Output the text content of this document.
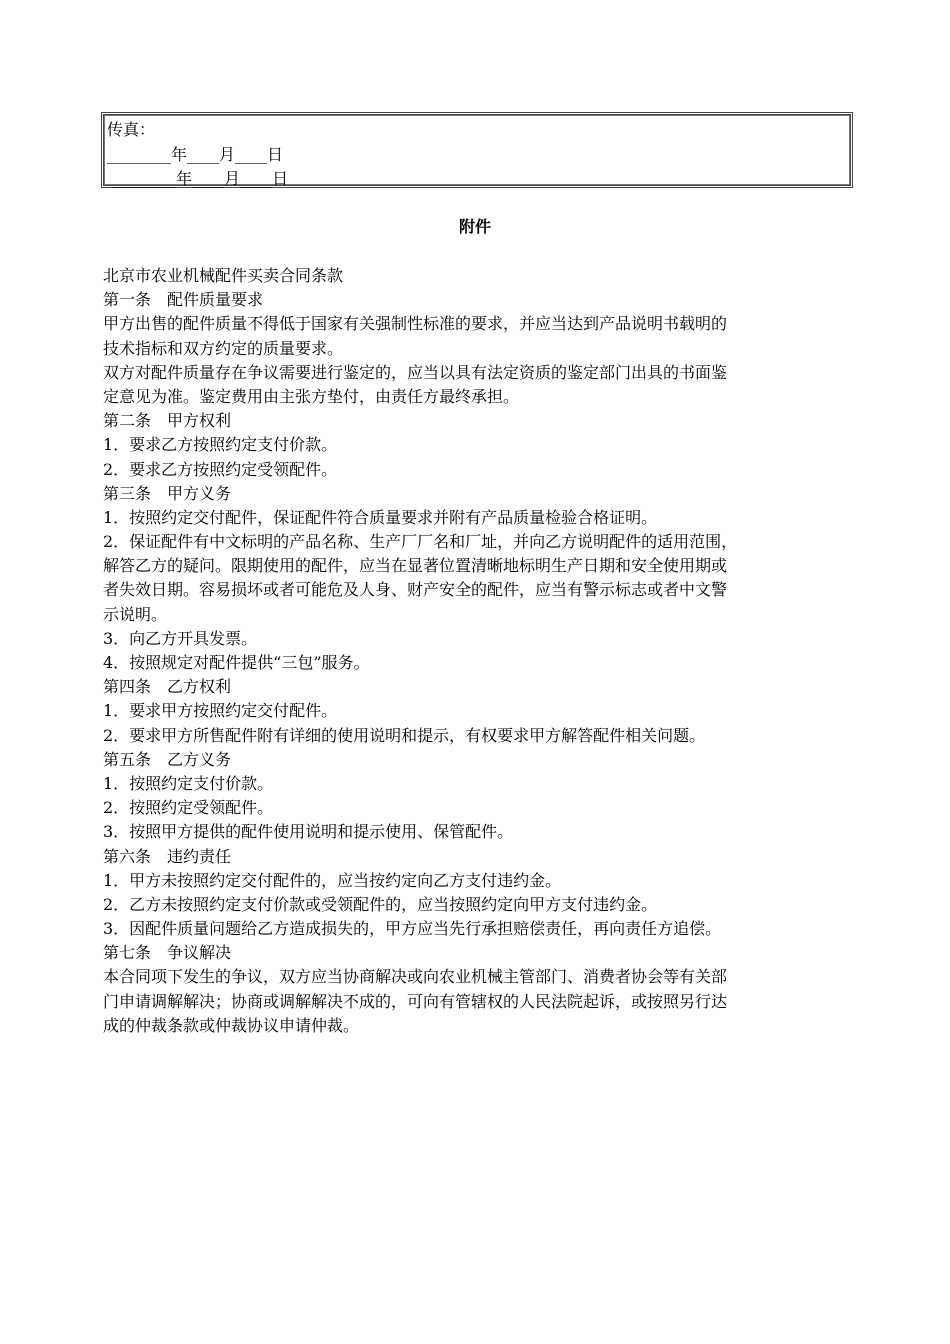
传真：
________年____月____日
________年____月____日
附件
北京市农业机械配件买卖合同条款
第一条　配件质量要求
甲方出售的配件质量不得低于国家有关强制性标准的要求，并应当达到产品说明书载明的
技术指标和双方约定的质量要求。
双方对配件质量存在争议需要进行鉴定的，应当以具有法定资质的鉴定部门出具的书面鉴
定意见为准。鉴定费用由主张方垫付，由责任方最终承担。
第二条　甲方权利
1．要求乙方按照约定支付价款。
2．要求乙方按照约定受领配件。
第三条　甲方义务
1．按照约定交付配件，保证配件符合质量要求并附有产品质量检验合格证明。
2．保证配件有中文标明的产品名称、生产厂厂名和厂址，并向乙方说明配件的适用范围，
解答乙方的疑问。限期使用的配件，应当在显著位置清晰地标明生产日期和安全使用期或
者失效日期。容易损坏或者可能危及人身、财产安全的配件，应当有警示标志或者中文警
示说明。
3．向乙方开具发票。
4．按照规定对配件提供“三包”服务。
第四条　乙方权利
1．要求甲方按照约定交付配件。
2．要求甲方所售配件附有详细的使用说明和提示，有权要求甲方解答配件相关问题。
第五条　乙方义务
1．按照约定支付价款。
2．按照约定受领配件。
3．按照甲方提供的配件使用说明和提示使用、保管配件。
第六条　违约责任
1．甲方未按照约定交付配件的，应当按约定向乙方支付违约金。
2．乙方未按照约定支付价款或受领配件的，应当按照约定向甲方支付违约金。
3．因配件质量问题给乙方造成损失的，甲方应当先行承担赔偿责任，再向责任方追偿。
第七条　争议解决
本合同项下发生的争议，双方应当协商解决或向农业机械主管部门、消费者协会等有关部
门申请调解解决；协商或调解解决不成的，可向有管辖权的人民法院起诉，或按照另行达
成的仲裁条款或仲裁协议申请仲裁。
